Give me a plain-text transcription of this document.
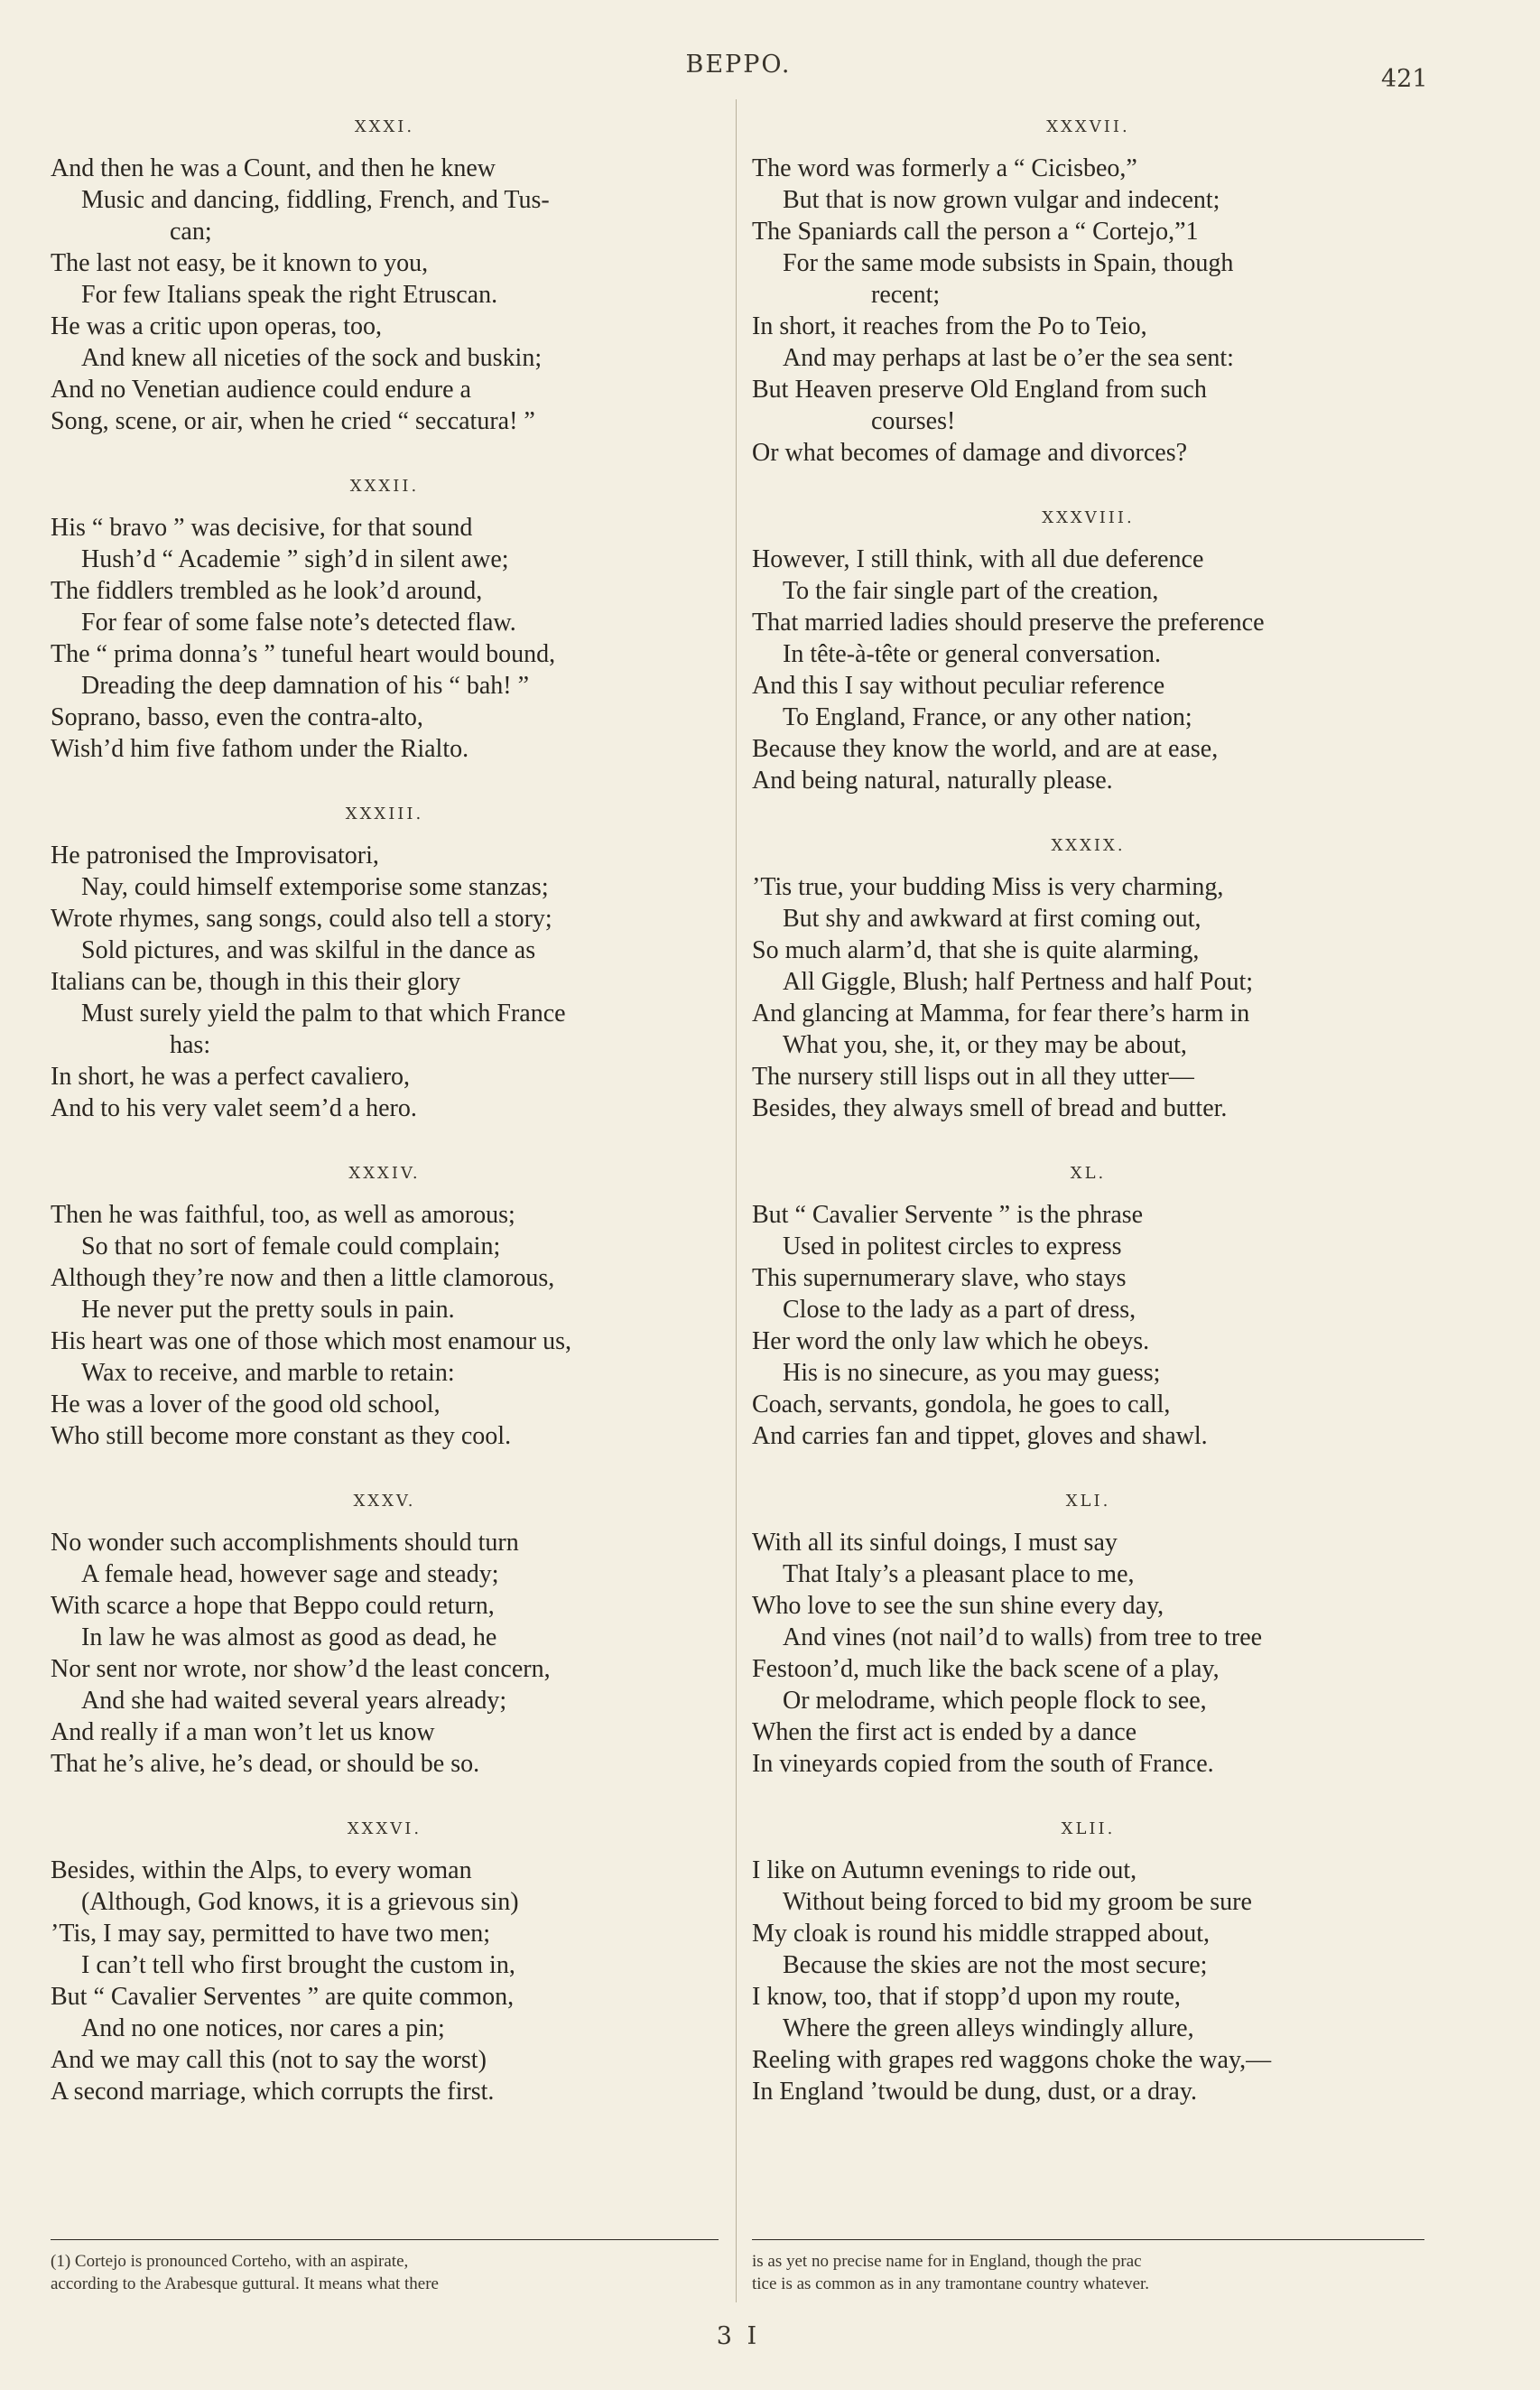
BEPPO.
421
XXXI.
And then he was a Count, and then he knew
Music and dancing, fiddling, French, and Tus-
can;
The last not easy, be it known to you,
For few Italians speak the right Etruscan.
He was a critic upon operas, too,
And knew all niceties of the sock and buskin;
And no Venetian audience could endure a
Song, scene, or air, when he cried “ seccatura! ”
XXXII.
His “ bravo ” was decisive, for that sound
Hush’d “ Academie ” sigh’d in silent awe;
The fiddlers trembled as he look’d around,
For fear of some false note’s detected flaw.
The “ prima donna’s ” tuneful heart would bound,
Dreading the deep damnation of his “ bah! ”
Soprano, basso, even the contra-alto,
Wish’d him five fathom under the Rialto.
XXXIII.
He patronised the Improvisatori,
Nay, could himself extemporise some stanzas;
Wrote rhymes, sang songs, could also tell a story;
Sold pictures, and was skilful in the dance as
Italians can be, though in this their glory
Must surely yield the palm to that which France
has:
In short, he was a perfect cavaliero,
And to his very valet seem’d a hero.
XXXIV.
Then he was faithful, too, as well as amorous;
So that no sort of female could complain;
Although they’re now and then a little clamorous,
He never put the pretty souls in pain.
His heart was one of those which most enamour us,
Wax to receive, and marble to retain:
He was a lover of the good old school,
Who still become more constant as they cool.
XXXV.
No wonder such accomplishments should turn
A female head, however sage and steady;
With scarce a hope that Beppo could return,
In law he was almost as good as dead, he
Nor sent nor wrote, nor show’d the least concern,
And she had waited several years already;
And really if a man won’t let us know
That he’s alive, he’s dead, or should be so.
XXXVI.
Besides, within the Alps, to every woman
(Although, God knows, it is a grievous sin)
’Tis, I may say, permitted to have two men;
I can’t tell who first brought the custom in,
But “ Cavalier Serventes ” are quite common,
And no one notices, nor cares a pin;
And we may call this (not to say the worst)
A second marriage, which corrupts the first.
XXXVII.
The word was formerly a “ Cicisbeo,”
But that is now grown vulgar and indecent;
The Spaniards call the person a “ Cortejo,”1
For the same mode subsists in Spain, though
recent;
In short, it reaches from the Po to Teio,
And may perhaps at last be o’er the sea sent:
But Heaven preserve Old England from such
courses!
Or what becomes of damage and divorces?
XXXVIII.
However, I still think, with all due deference
To the fair single part of the creation,
That married ladies should preserve the preference
In tête-à-tête or general conversation.
And this I say without peculiar reference
To England, France, or any other nation;
Because they know the world, and are at ease,
And being natural, naturally please.
XXXIX.
’Tis true, your budding Miss is very charming,
But shy and awkward at first coming out,
So much alarm’d, that she is quite alarming,
All Giggle, Blush; half Pertness and half Pout;
And glancing at Mamma, for fear there’s harm in
What you, she, it, or they may be about,
The nursery still lisps out in all they utter—
Besides, they always smell of bread and butter.
XL.
But “ Cavalier Servente ” is the phrase
Used in politest circles to express
This supernumerary slave, who stays
Close to the lady as a part of dress,
Her word the only law which he obeys.
His is no sinecure, as you may guess;
Coach, servants, gondola, he goes to call,
And carries fan and tippet, gloves and shawl.
XLI.
With all its sinful doings, I must say
That Italy’s a pleasant place to me,
Who love to see the sun shine every day,
And vines (not nail’d to walls) from tree to tree
Festoon’d, much like the back scene of a play,
Or melodrame, which people flock to see,
When the first act is ended by a dance
In vineyards copied from the south of France.
XLII.
I like on Autumn evenings to ride out,
Without being forced to bid my groom be sure
My cloak is round his middle strapped about,
Because the skies are not the most secure;
I know, too, that if stopp’d upon my route,
Where the green alleys windingly allure,
Reeling with grapes red waggons choke the way,—
In England ’twould be dung, dust, or a dray.
(1) Cortejo is pronounced Corteho, with an aspirate,
according to the Arabesque guttural. It means what there
is as yet no precise name for in England, though the prac
tice is as common as in any tramontane country whatever.
3 I
